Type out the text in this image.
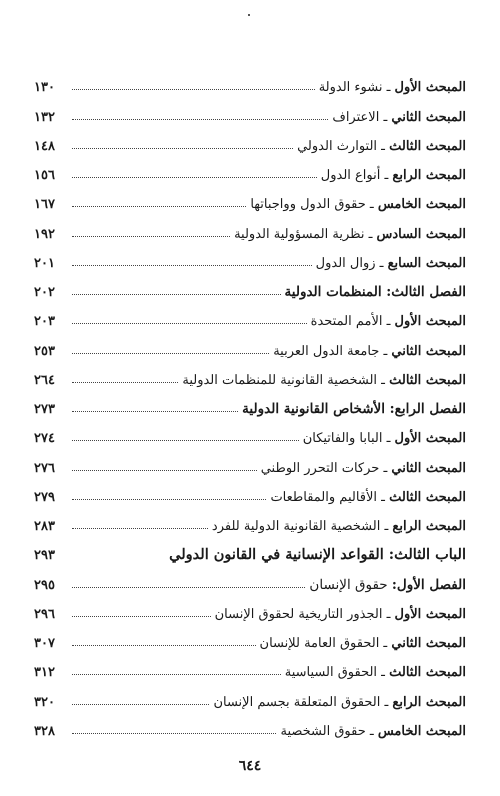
المبحث الأول ـ نشوء الدولة
١٣٠
المبحث الثاني ـ الاعتراف
١٣٢
المبحث الثالث ـ التوارث الدولي
١٤٨
المبحث الرابع ـ أنواع الدول
١٥٦
المبحث الخامس ـ حقوق الدول وواجباتها
١٦٧
المبحث السادس ـ نظرية المسؤولية الدولية
١٩٢
المبحث السابع ـ زوال الدول
٢٠١
الفصل الثالث: المنظمات الدولية
٢٠٢
المبحث الأول ـ الأمم المتحدة
٢٠٣
المبحث الثاني ـ جامعة الدول العربية
٢٥٣
المبحث الثالث ـ الشخصية القانونية للمنظمات الدولية
٢٦٤
الفصل الرابع: الأشخاص القانونية الدولية
٢٧٣
المبحث الأول ـ البابا والفاتيكان
٢٧٤
المبحث الثاني ـ حركات التحرر الوطني
٢٧٦
المبحث الثالث ـ الأقاليم والمقاطعات
٢٧٩
المبحث الرابع ـ الشخصية القانونية الدولية للفرد
٢٨٣
الباب الثالث: القواعد الإنسانية في القانون الدولي
٢٩٣
الفصل الأول: حقوق الإنسان
٢٩٥
المبحث الأول ـ الجذور التاريخية لحقوق الإنسان
٢٩٦
المبحث الثاني ـ الحقوق العامة للإنسان
٣٠٧
المبحث الثالث ـ الحقوق السياسية
٣١٢
المبحث الرابع ـ الحقوق المتعلقة بجسم الإنسان
٣٢٠
المبحث الخامس ـ حقوق الشخصية
٣٢٨
٦٤٤
